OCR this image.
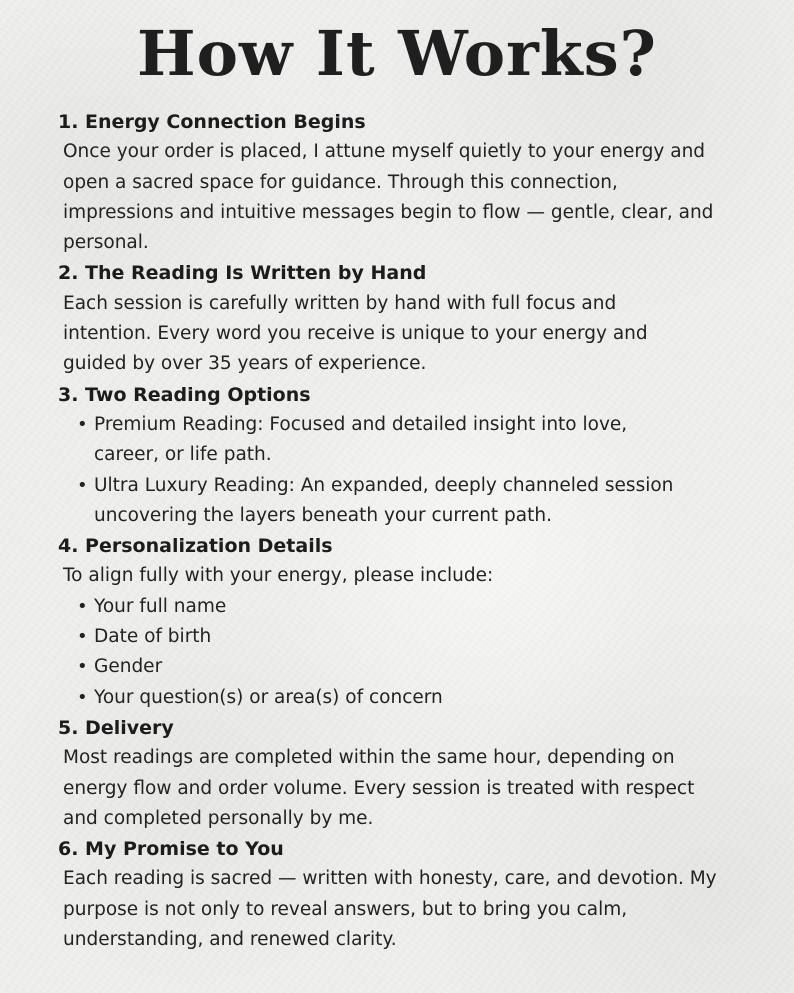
How It Works?
1. Energy Connection Begins

Once your order is placed, I attune myself quietly to your energy and open a sacred space for guidance. Through this connection, impressions and intuitive messages begin to flow — gentle, clear, and personal.

2. The Reading Is Written by Hand

Each session is carefully written by hand with full focus and intention. Every word you receive is unique to your energy and guided by over 35 years of experience.

3. Two Reading Options
• Premium Reading: Focused and detailed insight into love, career, or life path.
• Ultra Luxury Reading: An expanded, deeply channeled session uncovering the layers beneath your current path.
4. Personalization Details

To align fully with your energy, please include:

• Your full name
• Date of birth
• Gender
• Your question(s) or area(s) of concern
5. Delivery

Most readings are completed within the same hour, depending on energy flow and order volume. Every session is treated with respect and completed personally by me.

6. My Promise to You

Each reading is sacred — written with honesty, care, and devotion. My purpose is not only to reveal answers, but to bring you calm, understanding, and renewed clarity.
